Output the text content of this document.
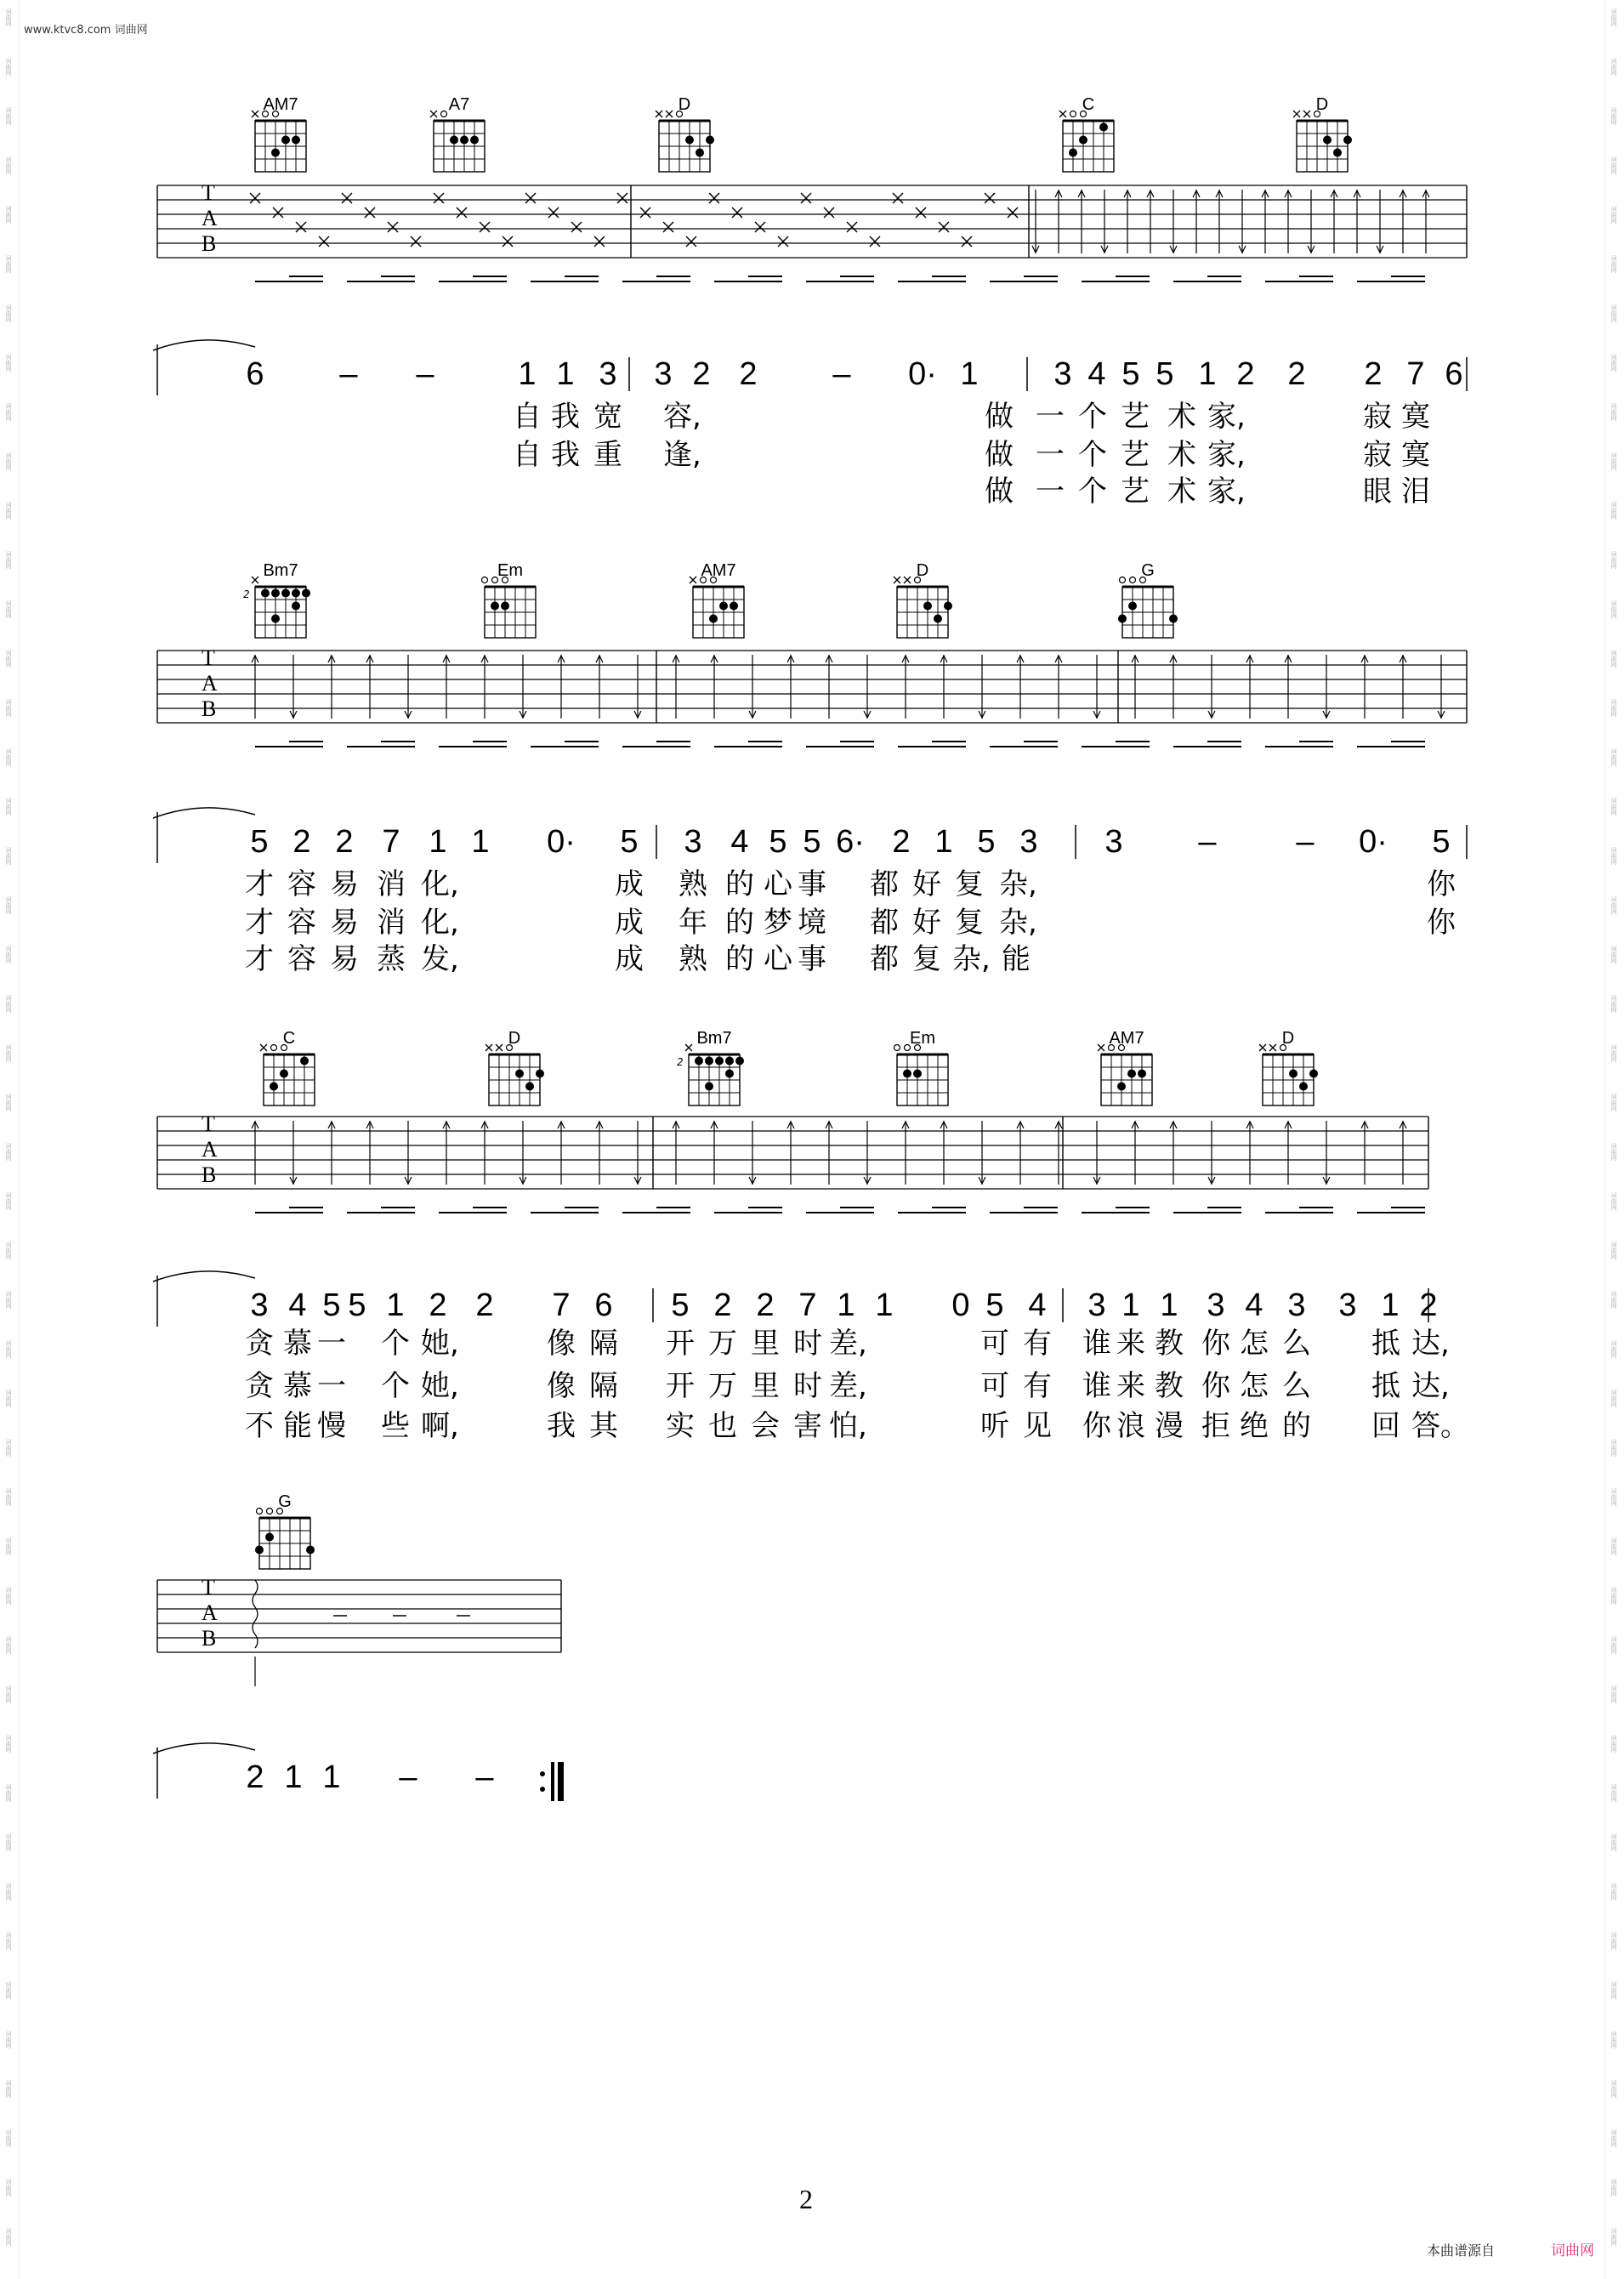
www.ktvc8.com 词曲网
词曲网	词曲网
词曲网	词曲网
词曲网	词曲网
词曲网	词曲网
词曲网	词曲网
词曲网	词曲网
词曲网	词曲网
词曲网	词曲网
词曲网	词曲网
词曲网	词曲网
词曲网	词曲网
词曲网	词曲网
词曲网	词曲网
词曲网	词曲网
词曲网	词曲网
词曲网	词曲网
词曲网	词曲网
词曲网	词曲网
词曲网	词曲网
词曲网	词曲网
词曲网	词曲网
词曲网	词曲网
词曲网	词曲网
词曲网	词曲网
词曲网	词曲网
词曲网	词曲网
词曲网	词曲网
词曲网	词曲网
词曲网	词曲网
词曲网	词曲网
词曲网	词曲网
词曲网	词曲网
词曲网	词曲网
词曲网	词曲网
词曲网	词曲网
词曲网	词曲网
词曲网	词曲网
词曲网	词曲网
词曲网	词曲网
词曲网	词曲网
词曲网	词曲网
词曲网	词曲网
词曲网	词曲网
词曲网	词曲网
词曲网	词曲网
词曲网	词曲网
AM7	A7	D	C	D
T
A
B
6 – –	1 1 3 3 2 2 – 0· 1 3 4 5 5 1 2 2 2 7 6
自 我 宽 容,	做 一 个 艺 术 家,	寂 寞
自 我 重 逢,	做 一 个 艺 术 家,	寂 寞
做 一 个 艺 术 家,	眼 泪
Bm7
2
Em	AM7	D	G
T
A
B
5 2 2 7 1 1 0· 5 3 4 5 5 6· 2 1 5 3 3 – – 0· 5
才 容 易 消 化,	成 熟 的 心 事 都 好 复 杂,	你
才 容 易 消 化,	成 年 的 梦 境 都 好 复 杂,	你
才 容 易 蒸 发,	成 熟 的 心 事 都 复 杂, 能
C	D	Bm7
2
Em	AM7	D
T
A
B
3 4 5 5 1 2 2 7 6 5 2 2 7 1 1 0 5 4 3 1 1 3 4 3 3 1 2
贪 慕 一 个 她,	像 隔 开 万 里 时 差,	可 有 谁 来 教 你 怎 么 抵 达,
贪 慕 一 个 她,	像 隔 开 万 里 时 差,	可 有 谁 来 教 你 怎 么 抵 达,
不 能 慢 些 啊,	我 其 实 也 会 害 怕,	听 见 你 浪 漫 拒 绝 的 回 答。
G
T
A
B
2 1 1 – –
2
本曲谱源自	词曲网
